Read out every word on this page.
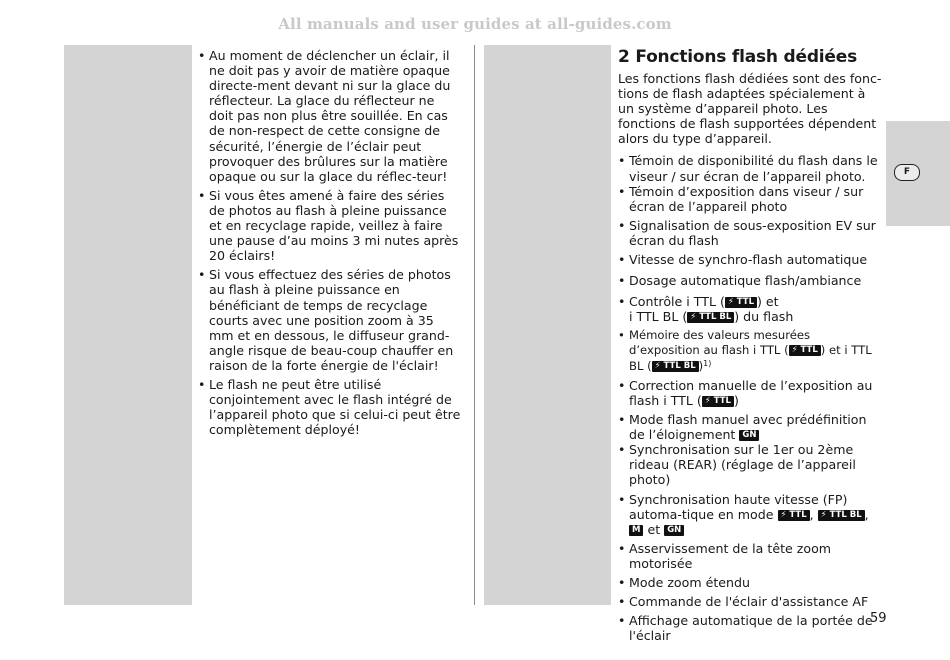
All manuals and user guides at all-guides.com
• Au moment de déclencher un éclair, il ne doit pas y avoir de matière opaque directe-ment devant ni sur la glace du réflecteur. La glace du réflecteur ne doit pas non plus être souillée. En cas de non-respect de cette consigne de sécurité, l’énergie de l’éclair peut provoquer des brûlures sur la matière opaque ou sur la glace du réflec-teur!
• Si vous êtes amené à faire des séries de photos au flash à pleine puissance et en recyclage rapide, veillez à faire une pause d’au moins 3 mi nutes après 20 éclairs!
• Si vous effectuez des séries de photos au flash à pleine puissance en bénéficiant de temps de recyclage courts avec une position zoom à 35 mm et en dessous, le diffuseur grand-angle risque de beau-coup chauffer en raison de la forte énergie de l'éclair!
• Le flash ne peut être utilisé conjointement avec le flash intégré de l’appareil photo que si celui-ci peut être complètement déployé!
2 Fonctions flash dédiées

Les fonctions flash dédiées sont des fonc-tions de flash adaptées spécialement à un système d’appareil photo. Les fonctions de flash supportées dépendent alors du type d’appareil.

• Témoin de disponibilité du flash dans le viseur / sur écran de l’appareil photo.
• Témoin d’exposition dans viseur / sur écran de l’appareil photo
• Signalisation de sous-exposition EV sur écran du flash
• Vitesse de synchro-flash automatique
• Dosage automatique flash/ambiance
• Contrôle i TTL ( ⚡ TTL ) et
i TTL BL ( ⚡ TTL BL ) du flash
• Mémoire des valeurs mesurées d’exposition au flash i TTL ( ⚡ TTL ) et i TTL BL ( ⚡ TTL BL )$^{1)}$
• Correction manuelle de l’exposition au flash i TTL ( ⚡ TTL )
• Mode flash manuel avec prédéfinition de l’éloignement GN
• Synchronisation sur le 1er ou 2ème rideau (REAR) (réglage de l’appareil photo)
• Synchronisation haute vitesse (FP) automa-tique en mode ⚡ TTL , ⚡ TTL BL , M et GN
• Asservissement de la tête zoom motorisée
• Mode zoom étendu
• Commande de l'éclair d'assistance AF
• Affichage automatique de la portée de l'éclair
F
59
